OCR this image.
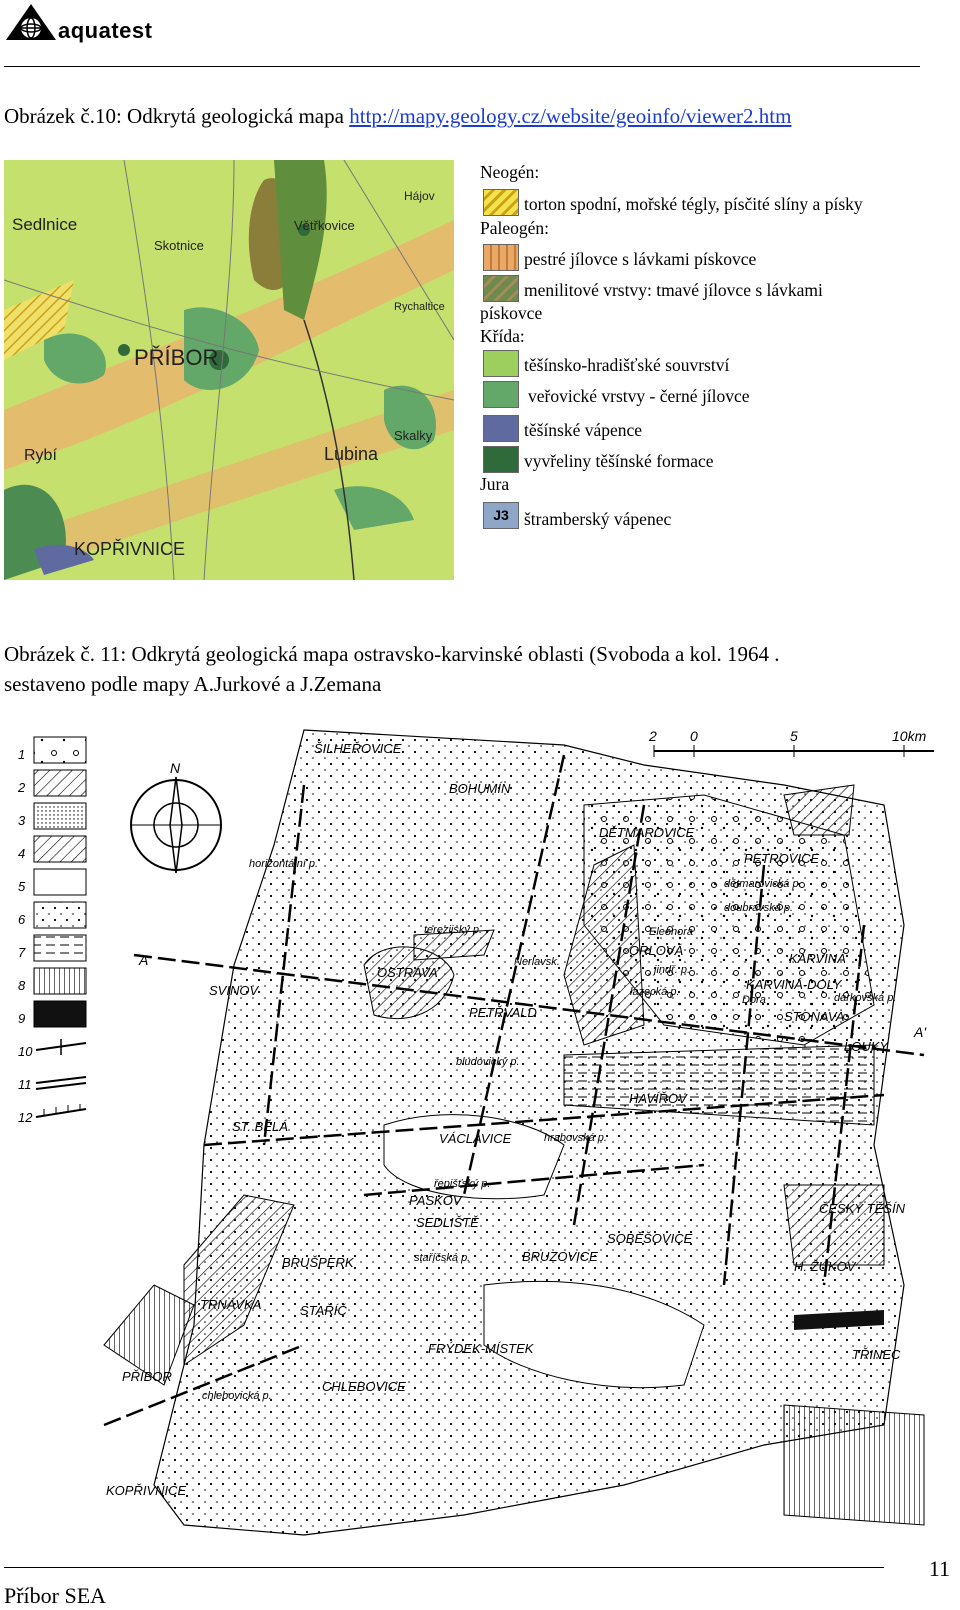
aquatest
Obrázek č.10: Odkrytá geologická mapa http://mapy.geology.cz/website/geoinfo/viewer2.htm
Sedlnice
Skotnice
PŘÍBOR
Větřkovice
Rychaltice
Skalky
Lubina
Rybí
KOPŘIVNICE
Hájov
Neogén:
torton spodní, mořské tégly, písčité slíny a písky
Paleogén:
pestré jílovce s lávkami pískovce
menilitové vrstvy: tmavé jílovce s lávkami
pískovce
Křída:
těšínsko-hradišťské souvrství
veřovické vrstvy - černé jílovce
těšínské vápence
vyvřeliny těšínské formace
Jura
J3 štramberský vápenec
Obrázek č. 11: Odkrytá geologická mapa ostravsko-karvinské oblasti (Svoboda a kol. 1964 .
sestaveno podle mapy A.Jurkové a J.Zemana
1
2
3
4
5
6
7
8
9
10
11
12
N
2 0	5	10km
A
A'
ŠILHEŘOVICE
BOHUMÍN
DĚTMAROVICE
PETROVICE
OSTRAVA
ORLOVÁ
KARVINÁ
KARVINÁ-DOLY
STONAVA
LOUKY
SVINOV
PETŘVALD
HAVÍŘOV
ST. BĚLÁ
VÁCLAVICE
PASKOV
SEDLIŠTĚ
SOBĚŠOVICE
ČESKÝ TĚŠÍN
BRUŠPERK	BRUZOVICE
H. ŽUKOV
TRNÁVKA	STAŘÍČ
FRÝDEK-MÍSTEK	TŘINEC
PŘÍBOR
CHLEBOVICE
KOPŘIVNICE
horizontální p.
terezijský p.	Eleonora
dětmarovická p.
doubravská p.
jindř. p.
lazecká p.
Dora	darkovská p.
bludovický p.
hrabovská p.
řepišťský p.
staříčská p.
chlebovická p.
Nerlavsk.
11
Příbor SEA
